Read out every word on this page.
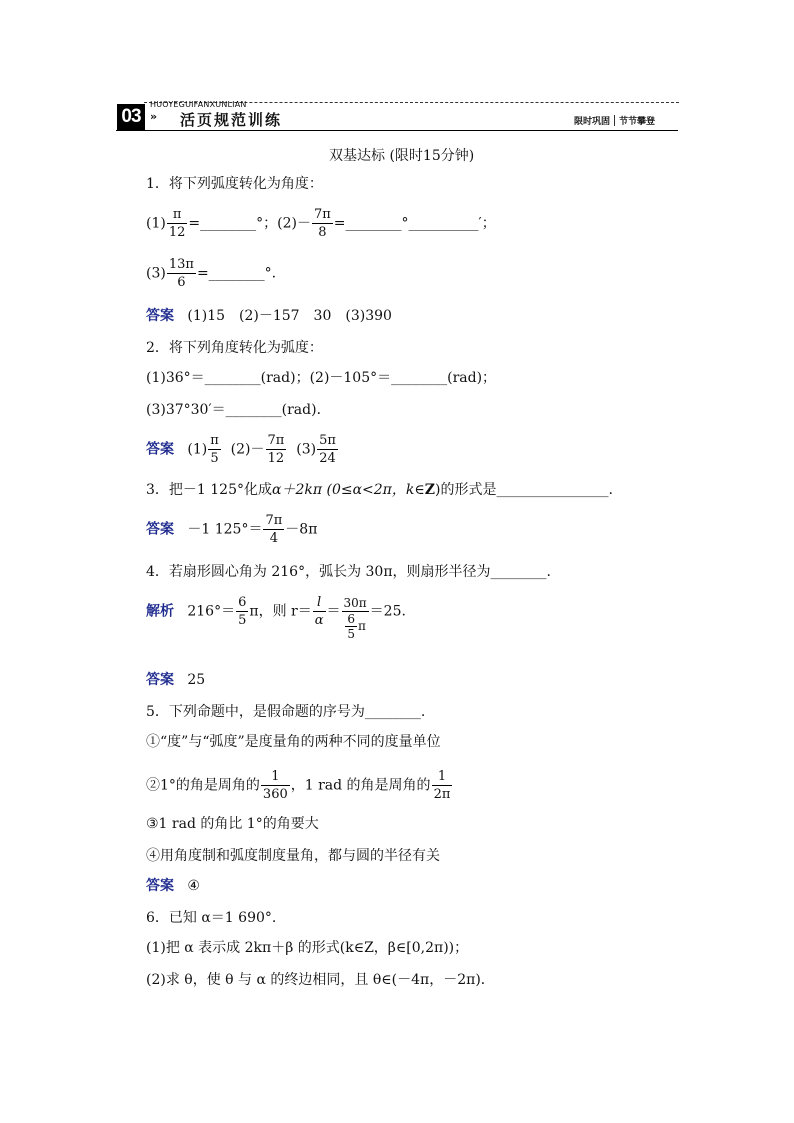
03
HUOYEGUIFANXUNLIAN
» 活页规范训练	限时巩固 节节攀登
双基达标 (限时15分钟)
1．将下列弧度转化为角度：
$(1) \frac{\pi}{12}$ =________°；$(2)- \frac{7\pi}{8}$ =________°__________′；
$(3) \frac{13\pi}{6}$ =________°.
答案 (1)15　(2)－157　30　(3)390
2．将下列角度转化为弧度：
(1)36°＝________(rad)；(2)－105°＝________(rad)；
(3)37°30′＝________(rad)．
答案 $(1) \frac{\pi}{5} (2)- \frac{7\pi}{12} (3) \frac{5\pi}{24}$
3．把－1 125°化成α＋2kπ (0≤α<2π，k∈Z)的形式是________________.
答案 －1 $125^\circ= \frac{7\pi}{4} -8\pi$
4．若扇形圆心角为 216°，弧长为 30π，则扇形半径为________.
解析 $216^\circ= \frac{6}{5}$ π，则 $r= \frac{l}{\alpha} = \frac{30\pi}{\frac{6}{5} \pi} =25$.
答案 25
5．下列命题中，是假命题的序号为________.
①“度”与“弧度”是度量角的两种不同的度量单位
②1°的角是周角的 $\frac{1}{360}$ ，1 rad 的角是周角的 $\frac{1}{2\pi}$
③1 rad 的角比 1°的角要大
④用角度制和弧度制度量角，都与圆的半径有关
答案 ④
6．已知 α＝1 690°.
(1)把 α 表示成 2kπ＋β 的形式(k∈Z，β∈[0,2π))；
(2)求 θ，使 θ 与 α 的终边相同，且 θ∈(－4π，－2π)．
